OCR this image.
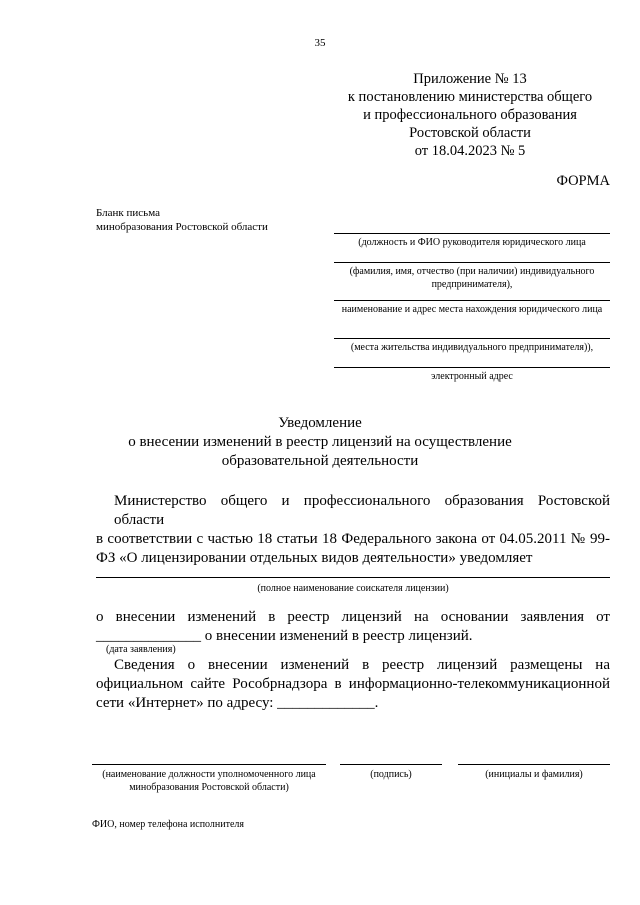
35
Приложение № 13
к постановлению министерства общего
и профессионального образования
Ростовской области
от 18.04.2023 № 5
ФОРМА
Бланк письма
минобразования Ростовской области
(должность и ФИО руководителя юридического лица
(фамилия, имя, отчество (при наличии) индивидуального предпринимателя),
наименование и адрес места нахождения юридического лица
(места жительства индивидуального предпринимателя)),
электронный адрес
Уведомление
о внесении изменений в реестр лицензий на осуществление
образовательной деятельности
Министерство общего и профессионального образования Ростовской области
в соответствии с частью 18 статьи 18 Федерального закона от 04.05.2011 № 99-
ФЗ «О лицензировании отдельных видов деятельности» уведомляет
(полное наименование соискателя лицензии)
о внесении изменений в реестр лицензий на основании заявления от
______________ о внесении изменений в реестр лицензий.
(дата заявления)
Сведения о внесении изменений в реестр лицензий размещены на
официальном сайте Рособрнадзора в информационно-телекоммуникационной
сети «Интернет» по адресу: _____________.
(наименование должности уполномоченного лица
минобразования Ростовской области)
(подпись)	(инициалы и фамилия)
ФИО, номер телефона исполнителя
